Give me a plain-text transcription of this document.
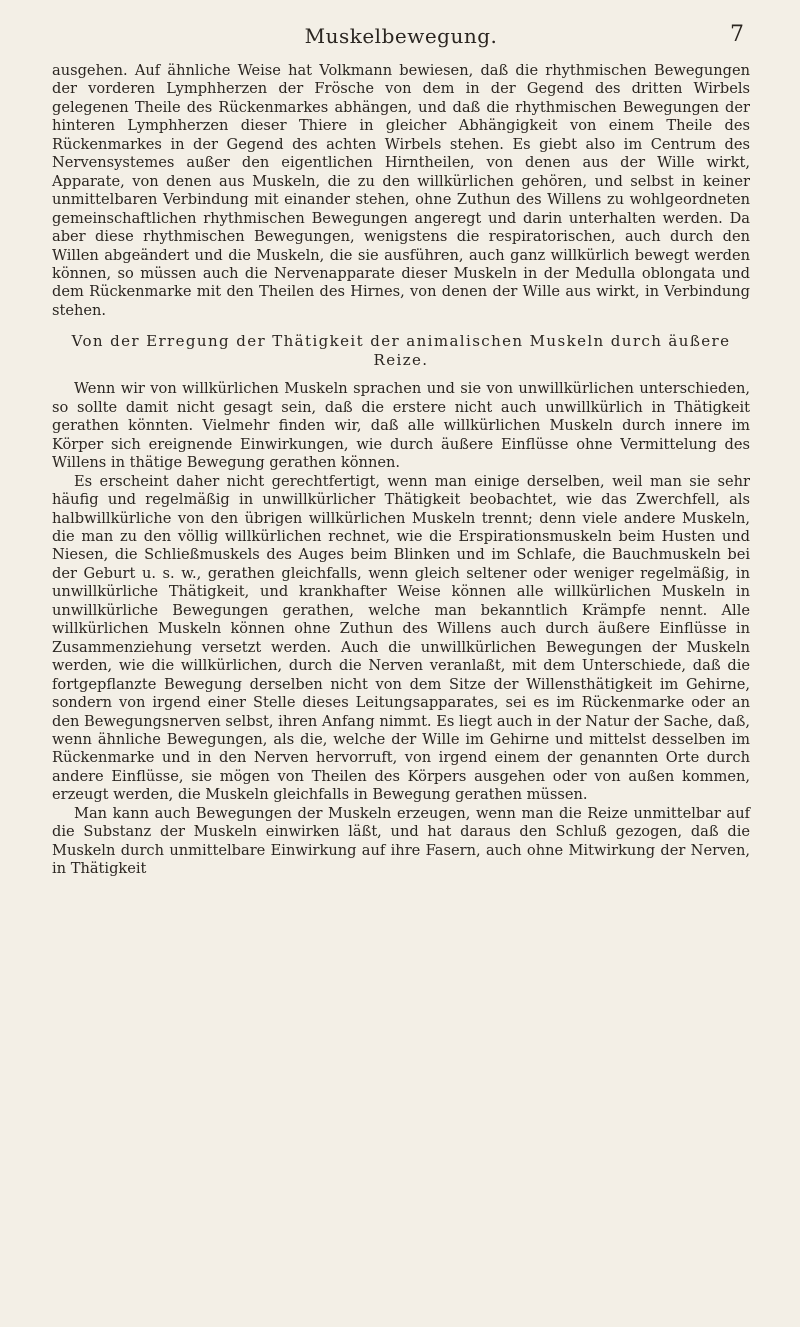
Muskelbewegung.	7

ausgehen. Auf ähnliche Weise hat Volkmann bewiesen, daß die rhythmischen Bewegungen der vorderen Lymphherzen der Frösche von dem in der Gegend des dritten Wirbels gelegenen Theile des Rückenmarkes abhängen, und daß die rhythmischen Bewegungen der hinteren Lymphherzen dieser Thiere in gleicher Abhängigkeit von einem Theile des Rückenmarkes in der Gegend des achten Wirbels stehen. Es giebt also im Centrum des Nervensystemes außer den eigentlichen Hirntheilen, von denen aus der Wille wirkt, Apparate, von denen aus Muskeln, die zu den willkürlichen gehören, und selbst in keiner unmittelbaren Verbindung mit einander stehen, ohne Zuthun des Willens zu wohlgeordneten gemeinschaftlichen rhythmischen Bewegungen angeregt und darin unterhalten werden. Da aber diese rhythmischen Bewegungen, wenigstens die respiratorischen, auch durch den Willen abgeändert und die Muskeln, die sie ausführen, auch ganz willkürlich bewegt werden können, so müssen auch die Nervenapparate dieser Muskeln in der Medulla oblongata und dem Rückenmarke mit den Theilen des Hirnes, von denen der Wille aus wirkt, in Verbindung stehen.

Von der Erregung der Thätigkeit der animalischen Muskeln durch äußere Reize.

Wenn wir von willkürlichen Muskeln sprachen und sie von unwillkürlichen unterschieden, so sollte damit nicht gesagt sein, daß die erstere nicht auch unwillkürlich in Thätigkeit gerathen könnten. Vielmehr finden wir, daß alle willkürlichen Muskeln durch innere im Körper sich ereignende Einwirkungen, wie durch äußere Einflüsse ohne Vermittelung des Willens in thätige Bewegung gerathen können.

Es erscheint daher nicht gerechtfertigt, wenn man einige derselben, weil man sie sehr häufig und regelmäßig in unwillkürlicher Thätigkeit beobachtet, wie das Zwerchfell, als halbwillkürliche von den übrigen willkürlichen Muskeln trennt; denn viele andere Muskeln, die man zu den völlig willkürlichen rechnet, wie die Erspirationsmuskeln beim Husten und Niesen, die Schließmuskels des Auges beim Blinken und im Schlafe, die Bauchmuskeln bei der Geburt u. s. w., gerathen gleichfalls, wenn gleich seltener oder weniger regelmäßig, in unwillkürliche Thätigkeit, und krankhafter Weise können alle willkürlichen Muskeln in unwillkürliche Bewegungen gerathen, welche man bekanntlich Krämpfe nennt. Alle willkürlichen Muskeln können ohne Zuthun des Willens auch durch äußere Einflüsse in Zusammenziehung versetzt werden. Auch die unwillkürlichen Bewegungen der Muskeln werden, wie die willkürlichen, durch die Nerven veranlaßt, mit dem Unterschiede, daß die fortgepflanzte Bewegung derselben nicht von dem Sitze der Willensthätigkeit im Gehirne, sondern von irgend einer Stelle dieses Leitungsapparates, sei es im Rückenmarke oder an den Bewegungsnerven selbst, ihren Anfang nimmt. Es liegt auch in der Natur der Sache, daß, wenn ähnliche Bewegungen, als die, welche der Wille im Gehirne und mittelst desselben im Rückenmarke und in den Nerven hervorruft, von irgend einem der genannten Orte durch andere Einflüsse, sie mögen von Theilen des Körpers ausgehen oder von außen kommen, erzeugt werden, die Muskeln gleichfalls in Bewegung gerathen müssen.

Man kann auch Bewegungen der Muskeln erzeugen, wenn man die Reize unmittelbar auf die Substanz der Muskeln einwirken läßt, und hat daraus den Schluß gezogen, daß die Muskeln durch unmittelbare Einwirkung auf ihre Fasern, auch ohne Mitwirkung der Nerven, in Thätigkeit
